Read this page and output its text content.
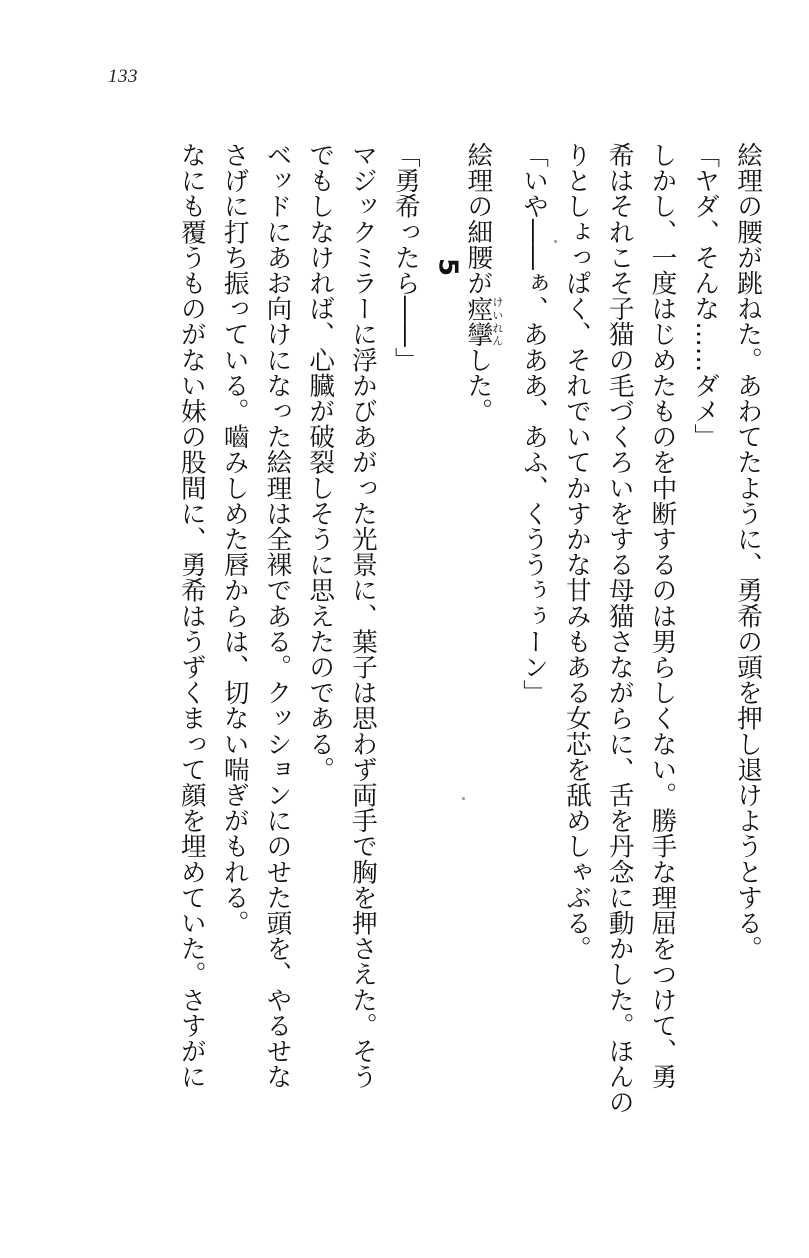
133
絵理の腰が跳ねた。あわてたように、勇希の頭を押し退けようとする。
「ヤダ、そんな……ダメ」
しかし、一度はじめたものを中断するのは男らしくない。勝手な理屈をつけて、勇
希はそれこそ子猫の毛づくろいをする母猫さながらに、舌を丹念に動かした。ほんの
りとしょっぱく、それでいてかすかな甘みもある女芯を舐めしゃぶる。
「いや――ぁ、あああ、あふ、くううぅぅーン」
絵理の細腰が痙攣けいれんした。
5
「勇希ったら――」
マジックミラーに浮かびあがった光景に、葉子は思わず両手で胸を押さえた。そう
でもしなければ、心臓が破裂しそうに思えたのである。
ベッドにあお向けになった絵理は全裸である。クッションにのせた頭を、やるせな
さげに打ち振っている。嚙みしめた唇からは、切ない喘ぎがもれる。
なにも覆うものがない妹の股間に、勇希はうずくまって顔を埋めていた。さすがに
